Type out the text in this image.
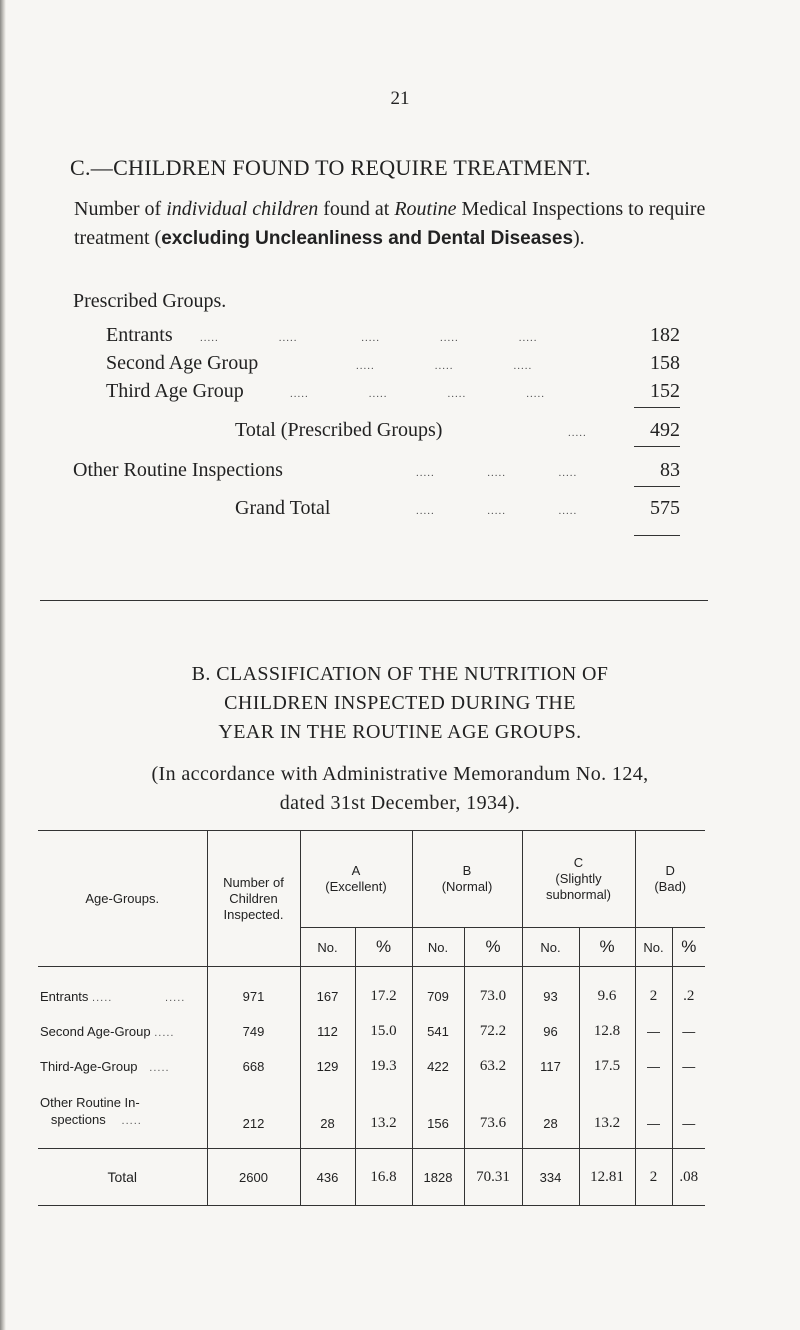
21
C.—CHILDREN FOUND TO REQUIRE TREATMENT.
Number of individual children found at Routine Medical Inspections to require treatment (excluding Uncleanliness and Dental Diseases).
Prescribed Groups.
Entrants .....                .....                 .....                .....                .....	182
Second Age Group	.....                .....                .....	158
Third Age Group	.....                .....                .....                .....	152
Total (Prescribed Groups)	.....	492
Other Routine Inspections	.....              .....              .....	83
Grand Total	.....              .....              .....	575
B. CLASSIFICATION OF THE NUTRITION OF
CHILDREN INSPECTED DURING THE
YEAR IN THE ROUTINE AGE GROUPS.
(In accordance with Administrative Memorandum No. 124,
dated 31st December, 1934).
Age-Groups.	Number of
Children
Inspected.	A
(Excellent)		B
(Normal)		C
(Slightly
subnormal)		D
(Bad)	
		No.	%	No.	%	No.	%	No.	%
Entrants .....             .....	971	167	17.2	709	73.0	93	9.6	2	.2
Second Age-Group .....	749	112	15.0	541	72.2	96	12.8	—	—
Third-Age-Group   .....	668	129	19.3	422	63.2	117	17.5	—	—
Other Routine In-
spections    .....	212	28	13.2	156	73.6	28	13.2	—	—
Total	2600	436	16.8	1828	70.31	334	12.81	2	.08
